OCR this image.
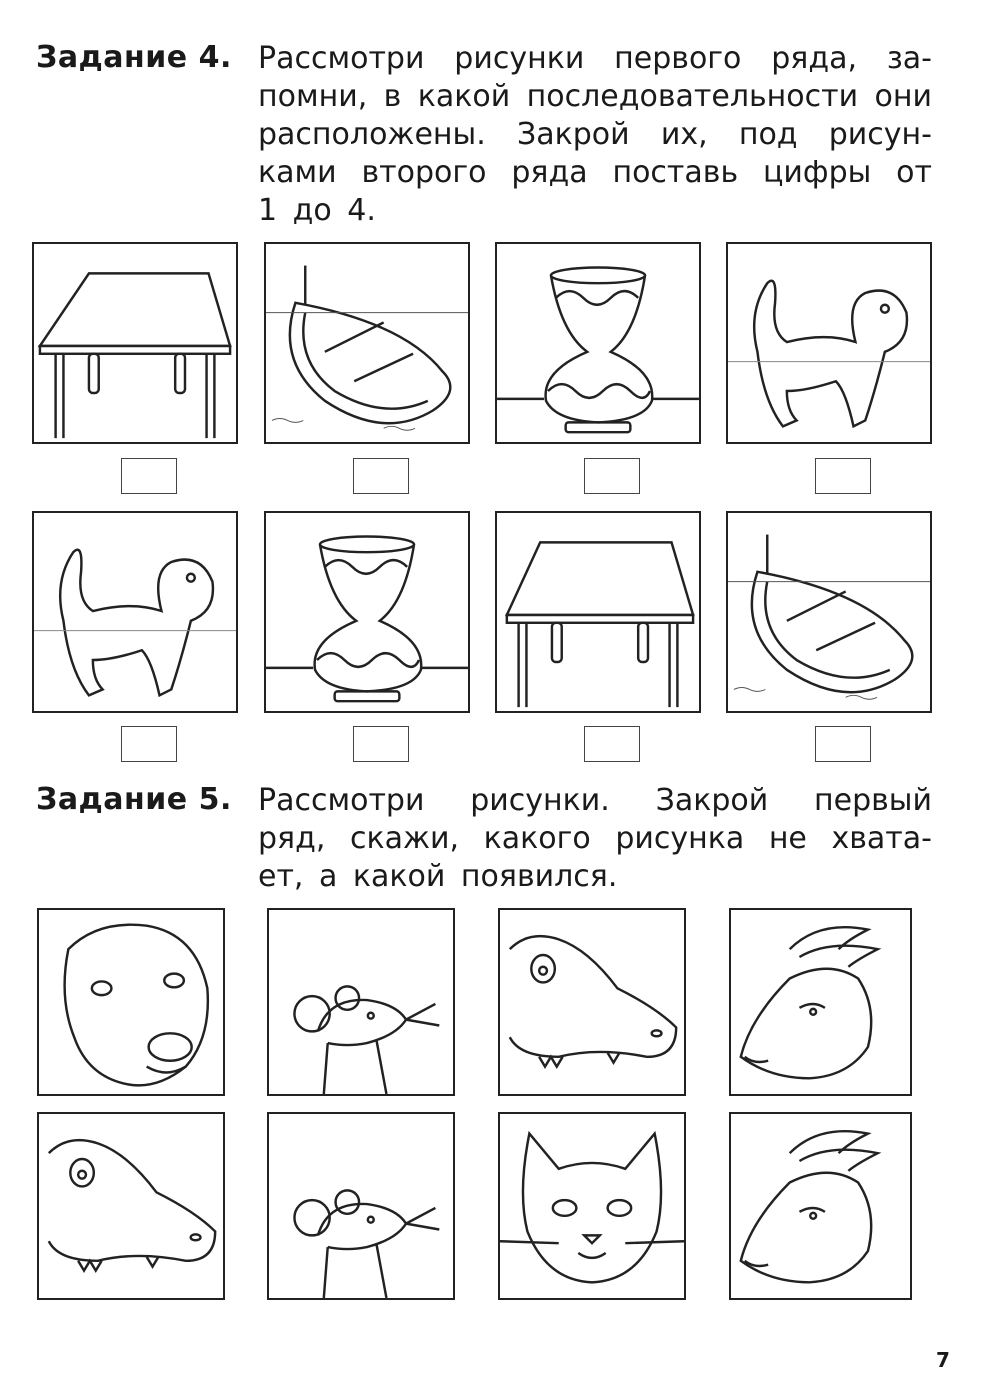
Задание 4. Рассмотри рисунки первого ряда, за-
помни, в какой последовательности они
расположены. Закрой их, под рисун-
ками второго ряда поставь цифры от
1 до 4.
Задание 5. Рассмотри рисунки. Закрой первый
ряд, скажи, какого рисунка не хвата-
ет, а какой появился.
7
